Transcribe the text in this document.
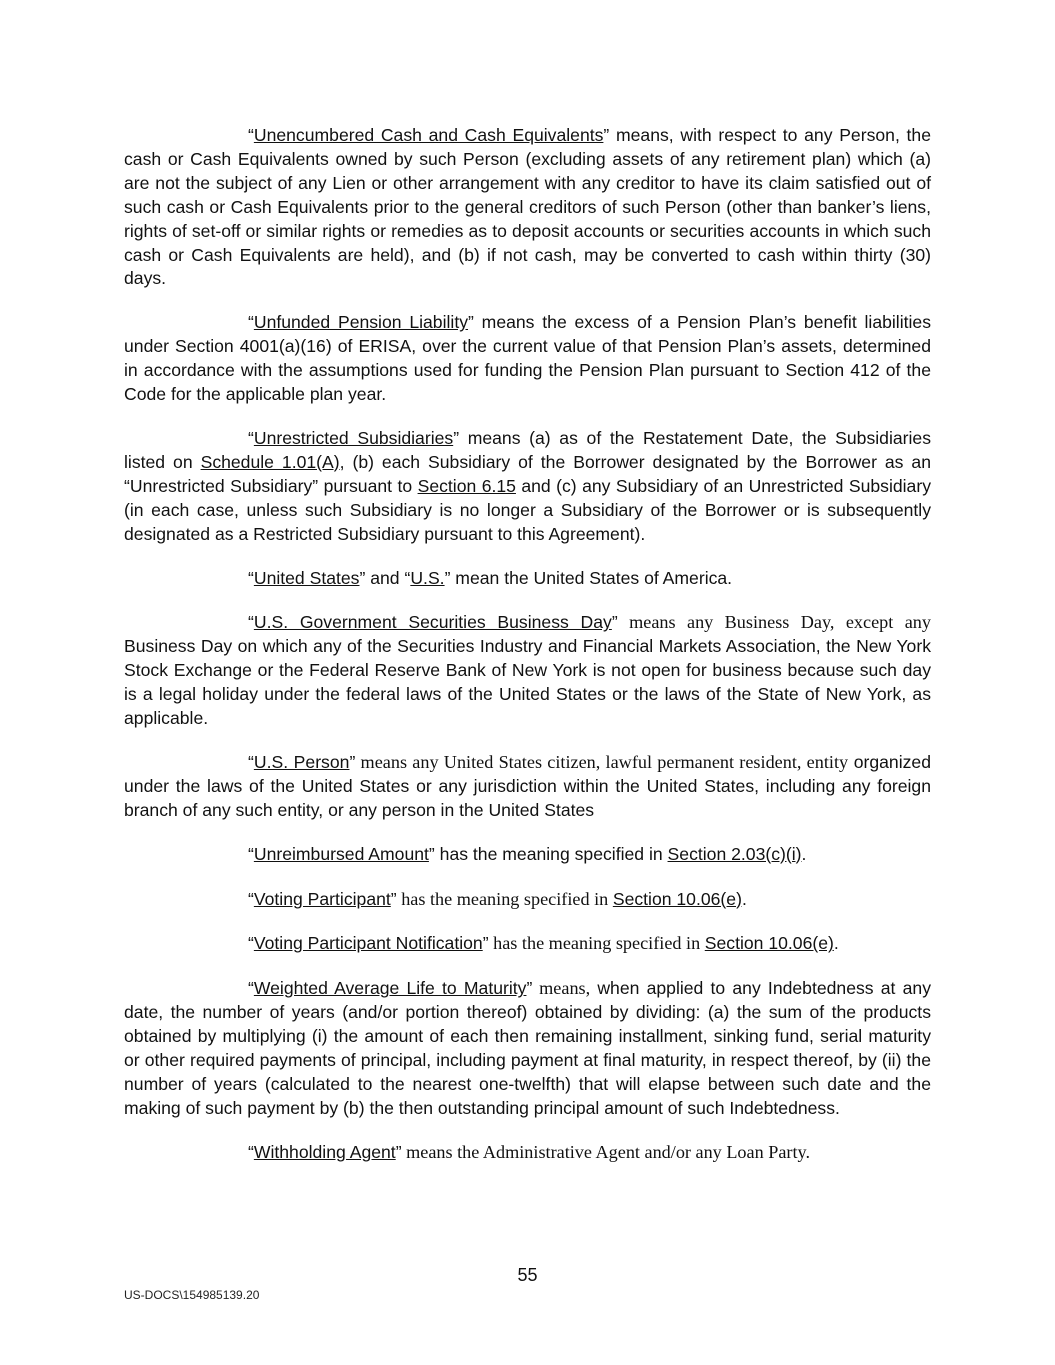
“Unencumbered Cash and Cash Equivalents” means, with respect to any Person, the cash or Cash Equivalents owned by such Person (excluding assets of any retirement plan) which (a) are not the subject of any Lien or other arrangement with any creditor to have its claim satisfied out of such cash or Cash Equivalents prior to the general creditors of such Person (other than banker’s liens, rights of set-off or similar rights or remedies as to deposit accounts or securities accounts in which such cash or Cash Equivalents are held), and (b) if not cash, may be converted to cash within thirty (30) days.

“Unfunded Pension Liability” means the excess of a Pension Plan’s benefit liabilities under Section 4001(a)(16) of ERISA, over the current value of that Pension Plan’s assets, determined in accordance with the assumptions used for funding the Pension Plan pursuant to Section 412 of the Code for the applicable plan year.

“Unrestricted Subsidiaries” means (a) as of the Restatement Date, the Subsidiaries listed on Schedule 1.01(A), (b) each Subsidiary of the Borrower designated by the Borrower as an “Unrestricted Subsidiary” pursuant to Section 6.15 and (c) any Subsidiary of an Unrestricted Subsidiary (in each case, unless such Subsidiary is no longer a Subsidiary of the Borrower or is subsequently designated as a Restricted Subsidiary pursuant to this Agreement).

“United States” and “U.S.” mean the United States of America.

“U.S. Government Securities Business Day” means any Business Day, except any Business Day on which any of the Securities Industry and Financial Markets Association, the New York Stock Exchange or the Federal Reserve Bank of New York is not open for business because such day is a legal holiday under the federal laws of the United States or the laws of the State of New York, as applicable.

“U.S. Person” means any United States citizen, lawful permanent resident, entity organized under the laws of the United States or any jurisdiction within the United States, including any foreign branch of any such entity, or any person in the United States

“Unreimbursed Amount” has the meaning specified in Section 2.03(c)(i).

“Voting Participant” has the meaning specified in Section 10.06(e).

“Voting Participant Notification” has the meaning specified in Section 10.06(e).

“Weighted Average Life to Maturity” means, when applied to any Indebtedness at any date, the number of years (and/or portion thereof) obtained by dividing: (a) the sum of the products obtained by multiplying (i) the amount of each then remaining installment, sinking fund, serial maturity or other required payments of principal, including payment at final maturity, in respect thereof, by (ii) the number of years (calculated to the nearest one-twelfth) that will elapse between such date and the making of such payment by (b) the then outstanding principal amount of such Indebtedness.

“Withholding Agent” means the Administrative Agent and/or any Loan Party.

55
US-DOCS\154985139.20
